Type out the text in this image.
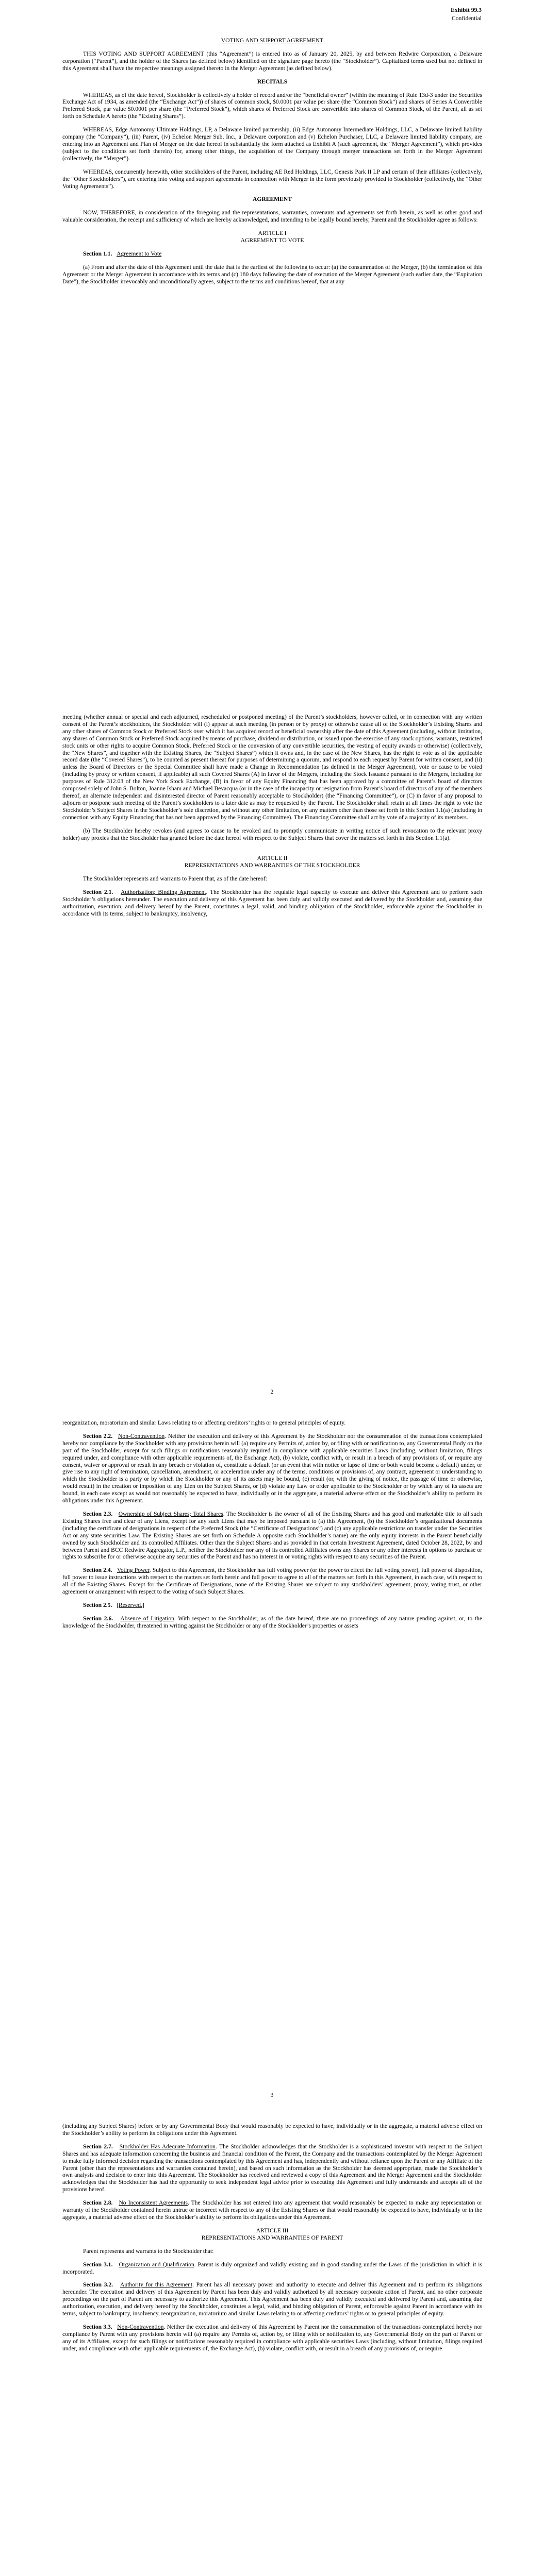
Exhibit 99.3
Confidential

VOTING AND SUPPORT AGREEMENT

THIS VOTING AND SUPPORT AGREEMENT (this “Agreement”) is entered into as of January 20, 2025, by and between Redwire Corporation, a Delaware corporation (“Parent”), and the holder of the Shares (as defined below) identified on the signature page hereto (the “Stockholder”). Capitalized terms used but not defined in this Agreement shall have the respective meanings assigned thereto in the Merger Agreement (as defined below).

RECITALS

WHEREAS, as of the date hereof, Stockholder is collectively a holder of record and/or the “beneficial owner” (within the meaning of Rule 13d-3 under the Securities Exchange Act of 1934, as amended (the “Exchange Act”)) of shares of common stock, $0.0001 par value per share (the “Common Stock”) and shares of Series A Convertible Preferred Stock, par value $0.0001 per share (the “Preferred Stock”), which shares of Preferred Stock are convertible into shares of Common Stock, of the Parent, all as set forth on Schedule A hereto (the “Existing Shares”).

WHEREAS, Edge Autonomy Ultimate Holdings, LP, a Delaware limited partnership, (ii) Edge Autonomy Intermediate Holdings, LLC, a Delaware limited liability company (the “Company”), (iii) Parent, (iv) Echelon Merger Sub, Inc., a Delaware corporation and (v) Echelon Purchaser, LLC, a Delaware limited liability company, are entering into an Agreement and Plan of Merger on the date hereof in substantially the form attached as Exhibit A (such agreement, the “Merger Agreement”), which provides (subject to the conditions set forth therein) for, among other things, the acquisition of the Company through merger transactions set forth in the Merger Agreement (collectively, the “Merger”).

WHEREAS, concurrently herewith, other stockholders of the Parent, including AE Red Holdings, LLC, Genesis Park II LP and certain of their affiliates (collectively, the “Other Stockholders”), are entering into voting and support agreements in connection with Merger in the form previously provided to Stockholder (collectively, the “Other Voting Agreements”).

AGREEMENT

NOW, THEREFORE, in consideration of the foregoing and the representations, warranties, covenants and agreements set forth herein, as well as other good and valuable consideration, the receipt and sufficiency of which are hereby acknowledged, and intending to be legally bound hereby, Parent and the Stockholder agree as follows:

ARTICLE I

AGREEMENT TO VOTE

Section 1.1. Agreement to Vote

(a) From and after the date of this Agreement until the date that is the earliest of the following to occur: (a) the consummation of the Merger, (b) the termination of this Agreement or the Merger Agreement in accordance with its terms and (c) 180 days following the date of execution of the Merger Agreement (such earlier date, the “Expiration Date”), the Stockholder irrevocably and unconditionally agrees, subject to the terms and conditions hereof, that at any

meeting (whether annual or special and each adjourned, rescheduled or postponed meeting) of the Parent’s stockholders, however called, or in connection with any written consent of the Parent’s stockholders, the Stockholder will (i) appear at such meeting (in person or by proxy) or otherwise cause all of the Stockholder’s Existing Shares and any other shares of Common Stock or Preferred Stock over which it has acquired record or beneficial ownership after the date of this Agreement (including, without limitation, any shares of Common Stock or Preferred Stock acquired by means of purchase, dividend or distribution, or issued upon the exercise of any stock options, warrants, restricted stock units or other rights to acquire Common Stock, Preferred Stock or the conversion of any convertible securities, the vesting of equity awards or otherwise) (collectively, the “New Shares”, and together with the Existing Shares, the “Subject Shares”) which it owns and, in the case of the New Shares, has the right to vote as of the applicable record date (the “Covered Shares”), to be counted as present thereat for purposes of determining a quorum, and respond to each request by Parent for written consent, and (ii) unless the Board of Directors or the Special Committee shall have made a Change in Recommendation (as defined in the Merger Agreement), vote or cause to be voted (including by proxy or written consent, if applicable) all such Covered Shares (A) in favor of the Mergers, including the Stock Issuance pursuant to the Mergers, including for purposes of Rule 312.03 of the New York Stock Exchange, (B) in favor of any Equity Financing that has been approved by a committee of Parent’s board of directors composed solely of John S. Bolton, Joanne Isham and Michael Bevacqua (or in the case of the incapacity or resignation from Parent’s board of directors of any of the members thereof, an alternate independent and disinterested director of Parent reasonably acceptable to Stockholder) (the “Financing Committee”), or (C) in favor of any proposal to adjourn or postpone such meeting of the Parent’s stockholders to a later date as may be requested by the Parent. The Stockholder shall retain at all times the right to vote the Stockholder’s Subject Shares in the Stockholder’s sole discretion, and without any other limitation, on any matters other than those set forth in this Section 1.1(a) (including in connection with any Equity Financing that has not been approved by the Financing Committee). The Financing Committee shall act by vote of a majority of its members.

(b) The Stockholder hereby revokes (and agrees to cause to be revoked and to promptly communicate in writing notice of such revocation to the relevant proxy holder) any proxies that the Stockholder has granted before the date hereof with respect to the Subject Shares that cover the matters set forth in this Section 1.1(a).

ARTICLE II

REPRESENTATIONS AND WARRANTIES OF THE STOCKHOLDER

The Stockholder represents and warrants to Parent that, as of the date hereof:

Section 2.1. Authorization; Binding Agreement. The Stockholder has the requisite legal capacity to execute and deliver this Agreement and to perform such Stockholder’s obligations hereunder. The execution and delivery of this Agreement has been duly and validly executed and delivered by the Stockholder and, assuming due authorization, execution, and delivery hereof by the Parent, constitutes a legal, valid, and binding obligation of the Stockholder, enforceable against the Stockholder in accordance with its terms, subject to bankruptcy, insolvency,

2

reorganization, moratorium and similar Laws relating to or affecting creditors’ rights or to general principles of equity.

Section 2.2. Non-Contravention. Neither the execution and delivery of this Agreement by the Stockholder nor the consummation of the transactions contemplated hereby nor compliance by the Stockholder with any provisions herein will (a) require any Permits of, action by, or filing with or notification to, any Governmental Body on the part of the Stockholder, except for such filings or notifications reasonably required in compliance with applicable securities Laws (including, without limitation, filings required under, and compliance with other applicable requirements of, the Exchange Act), (b) violate, conflict with, or result in a breach of any provisions of, or require any consent, waiver or approval or result in any breach or violation of, constitute a default (or an event that with notice or lapse of time or both would become a default) under, or give rise to any right of termination, cancellation, amendment, or acceleration under any of the terms, conditions or provisions of, any contract, agreement or understanding to which the Stockholder is a party or by which the Stockholder or any of its assets may be bound, (c) result (or, with the giving of notice, the passage of time or otherwise, would result) in the creation or imposition of any Lien on the Subject Shares, or (d) violate any Law or order applicable to the Stockholder or by which any of its assets are bound, in each case except as would not reasonably be expected to have, individually or in the aggregate, a material adverse effect on the Stockholder’s ability to perform its obligations under this Agreement.

Section 2.3. Ownership of Subject Shares; Total Shares. The Stockholder is the owner of all of the Existing Shares and has good and marketable title to all such Existing Shares free and clear of any Liens, except for any such Liens that may be imposed pursuant to (a) this Agreement, (b) the Stockholder’s organizational documents (including the certificate of designations in respect of the Preferred Stock (the “Certificate of Designations”) and (c) any applicable restrictions on transfer under the Securities Act or any state securities Law. The Existing Shares are set forth on Schedule A opposite such Stockholder’s name) are the only equity interests in the Parent beneficially owned by such Stockholder and its controlled Affiliates. Other than the Subject Shares and as provided in that certain Investment Agreement, dated October 28, 2022, by and between Parent and BCC Redwire Aggregator, L.P., neither the Stockholder nor any of its controlled Affiliates owns any Shares or any other interests in options to purchase or rights to subscribe for or otherwise acquire any securities of the Parent and has no interest in or voting rights with respect to any securities of the Parent.

Section 2.4. Voting Power. Subject to this Agreement, the Stockholder has full voting power (or the power to effect the full voting power), full power of disposition, full power to issue instructions with respect to the matters set forth herein and full power to agree to all of the matters set forth in this Agreement, in each case, with respect to all of the Existing Shares. Except for the Certificate of Designations, none of the Existing Shares are subject to any stockholders’ agreement, proxy, voting trust, or other agreement or arrangement with respect to the voting of such Subject Shares.

Section 2.5. [Reserved.]

Section 2.6. Absence of Litigation. With respect to the Stockholder, as of the date hereof, there are no proceedings of any nature pending against, or, to the knowledge of the Stockholder, threatened in writing against the Stockholder or any of the Stockholder’s properties or assets

3

(including any Subject Shares) before or by any Governmental Body that would reasonably be expected to have, individually or in the aggregate, a material adverse effect on the Stockholder’s ability to perform its obligations under this Agreement.

Section 2.7. Stockholder Has Adequate Information. The Stockholder acknowledges that the Stockholder is a sophisticated investor with respect to the Subject Shares and has adequate information concerning the business and financial condition of the Parent, the Company and the transactions contemplated by the Merger Agreement to make fully informed decision regarding the transactions contemplated by this Agreement and has, independently and without reliance upon the Parent or any Affiliate of the Parent (other than the representations and warranties contained herein), and based on such information as the Stockholder has deemed appropriate, made the Stockholder’s own analysis and decision to enter into this Agreement. The Stockholder has received and reviewed a copy of this Agreement and the Merger Agreement and the Stockholder acknowledges that the Stockholder has had the opportunity to seek independent legal advice prior to executing this Agreement and fully understands and accepts all of the provisions hereof.

Section 2.8. No Inconsistent Agreements. The Stockholder has not entered into any agreement that would reasonably be expected to make any representation or warranty of the Stockholder contained herein untrue or incorrect with respect to any of the Existing Shares or that would reasonably be expected to have, individually or in the aggregate, a material adverse effect on the Stockholder’s ability to perform its obligations under this Agreement.

ARTICLE III

REPRESENTATIONS AND WARRANTIES OF PARENT

Parent represents and warrants to the Stockholder that:

Section 3.1. Organization and Qualification. Parent is duly organized and validly existing and in good standing under the Laws of the jurisdiction in which it is incorporated.

Section 3.2. Authority for this Agreement. Parent has all necessary power and authority to execute and deliver this Agreement and to perform its obligations hereunder. The execution and delivery of this Agreement by Parent has been duly and validly authorized by all necessary corporate action of Parent, and no other corporate proceedings on the part of Parent are necessary to authorize this Agreement. This Agreement has been duly and validly executed and delivered by Parent and, assuming due authorization, execution, and delivery hereof by the Stockholder, constitutes a legal, valid, and binding obligation of Parent, enforceable against Parent in accordance with its terms, subject to bankruptcy, insolvency, reorganization, moratorium and similar Laws relating to or affecting creditors’ rights or to general principles of equity.

Section 3.3. Non-Contravention. Neither the execution and delivery of this Agreement by Parent nor the consummation of the transactions contemplated hereby nor compliance by Parent with any provisions herein will (a) require any Permits of, action by, or filing with or notification to, any Governmental Body on the part of Parent or any of its Affiliates, except for such filings or notifications reasonably required in compliance with applicable securities Laws (including, without limitation, filings required under, and compliance with other applicable requirements of, the Exchange Act), (b) violate, conflict with, or result in a breach of any provisions of, or require
